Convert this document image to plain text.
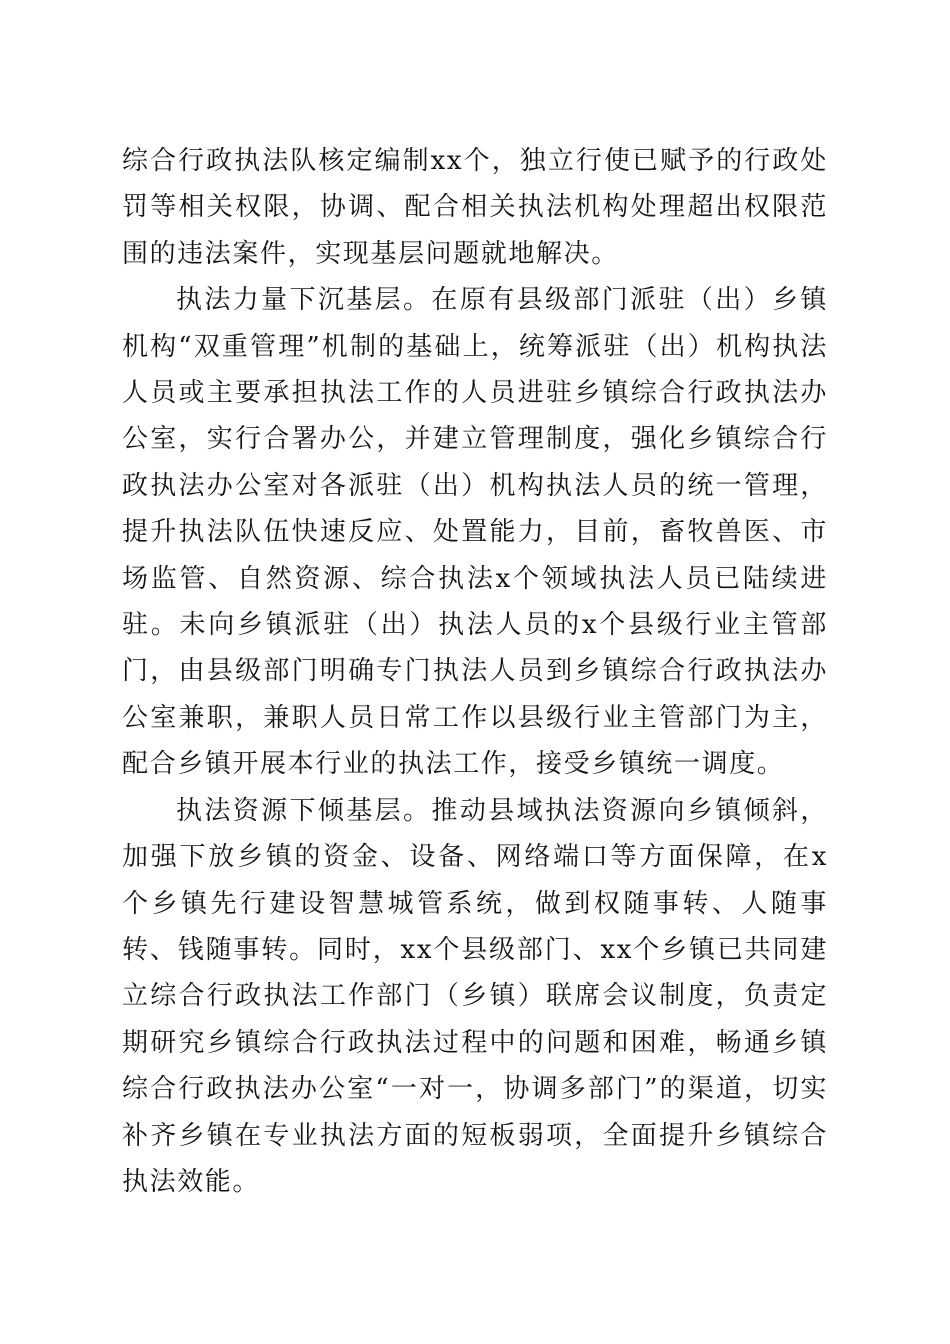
综合行政执法队核定编制xx个，独立行使已赋予的行政处罚等相关权限，协调、配合相关执法机构处理超出权限范围的违法案件，实现基层问题就地解决。

执法力量下沉基层。在原有县级部门派驻（出）乡镇机构“双重管理”机制的基础上，统筹派驻（出）机构执法人员或主要承担执法工作的人员进驻乡镇综合行政执法办公室，实行合署办公，并建立管理制度，强化乡镇综合行政执法办公室对各派驻（出）机构执法人员的统一管理，提升执法队伍快速反应、处置能力，目前，畜牧兽医、市场监管、自然资源、综合执法x个领域执法人员已陆续进驻。未向乡镇派驻（出）执法人员的x个县级行业主管部门，由县级部门明确专门执法人员到乡镇综合行政执法办公室兼职，兼职人员日常工作以县级行业主管部门为主，配合乡镇开展本行业的执法工作，接受乡镇统一调度。

执法资源下倾基层。推动县域执法资源向乡镇倾斜，加强下放乡镇的资金、设备、网络端口等方面保障，在x个乡镇先行建设智慧城管系统，做到权随事转、人随事转、钱随事转。同时，xx个县级部门、xx个乡镇已共同建立综合行政执法工作部门（乡镇）联席会议制度，负责定期研究乡镇综合行政执法过程中的问题和困难，畅通乡镇综合行政执法办公室“一对一，协调多部门”的渠道，切实补齐乡镇在专业执法方面的短板弱项，全面提升乡镇综合执法效能。
